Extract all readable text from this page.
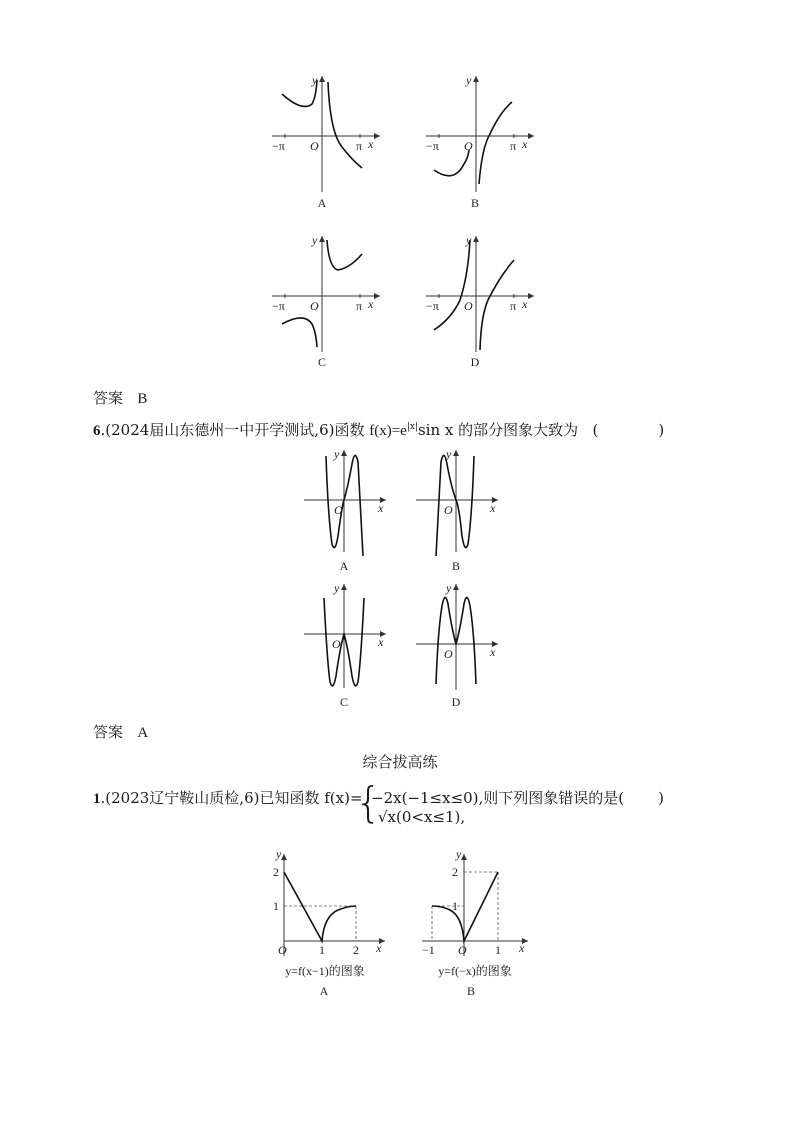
−π	π
O	x
y
A
−π	π
O	x
y
B
−π	π
O	x
y
C
−π	π
O	x
y
D
答案 B
6.(2024届山东德州一中开学测试,6)函数 $f(x)=e^{|x|}\sin$ x 的部分图象大致为 (	)
O	x
y
A
O	x
y
B
O	x
y
C
O	x
y
D
答案 A
综合拔高练
1.(2023辽宁鞍山质检,6)已知函数 f(x)=
{
−2x(−1≤x≤0),则下列图象错误的是( )
√x(0<x≤1),
2
1
O	1 2 x
y
y=f(x−1)的图象
A
2
1
−1 O 1 x
y
y=f(−x)的图象
B
